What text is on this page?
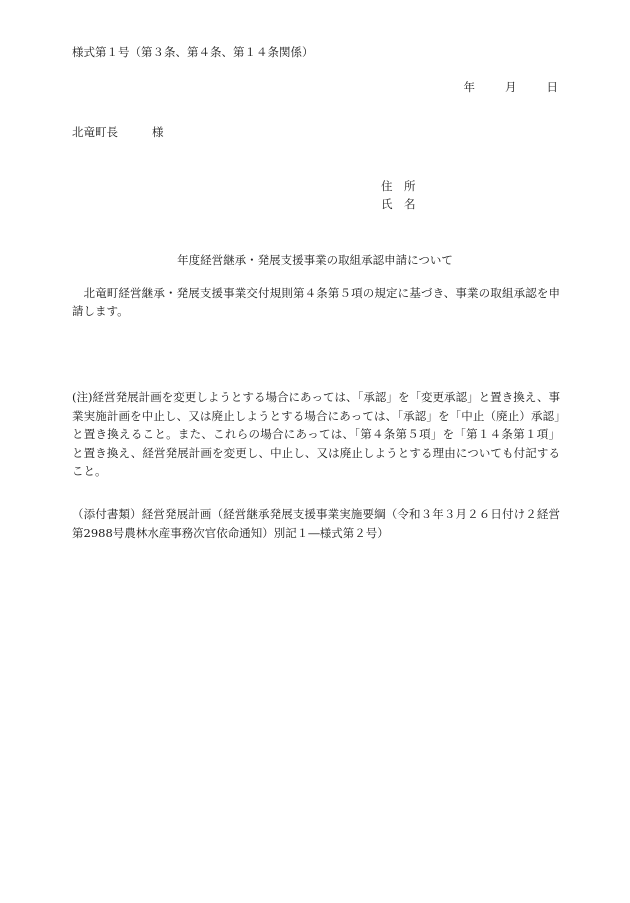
様式第１号（第３条、第４条、第１４条関係）
年	月	日
北竜町長	様
住　所
氏　名
年度経営継承・発展支援事業の取組承認申請について
北竜町経営継承・発展支援事業交付規則第４条第５項の規定に基づき、事業の取組承認を申請します。
(注)経営発展計画を変更しようとする場合にあっては、「承認」を「変更承認」と置き換え、事業実施計画を中止し、又は廃止しようとする場合にあっては、「承認」を「中止（廃止）承認」と置き換えること。また、これらの場合にあっては、「第４条第５項」を「第１４条第１項」と置き換え、経営発展計画を変更し、中止し、又は廃止しようとする理由についても付記すること。
（添付書類）経営発展計画（経営継承発展支援事業実施要綱（令和３年３月２６日付け２経営第2988号農林水産事務次官依命通知）別記１―様式第２号）
